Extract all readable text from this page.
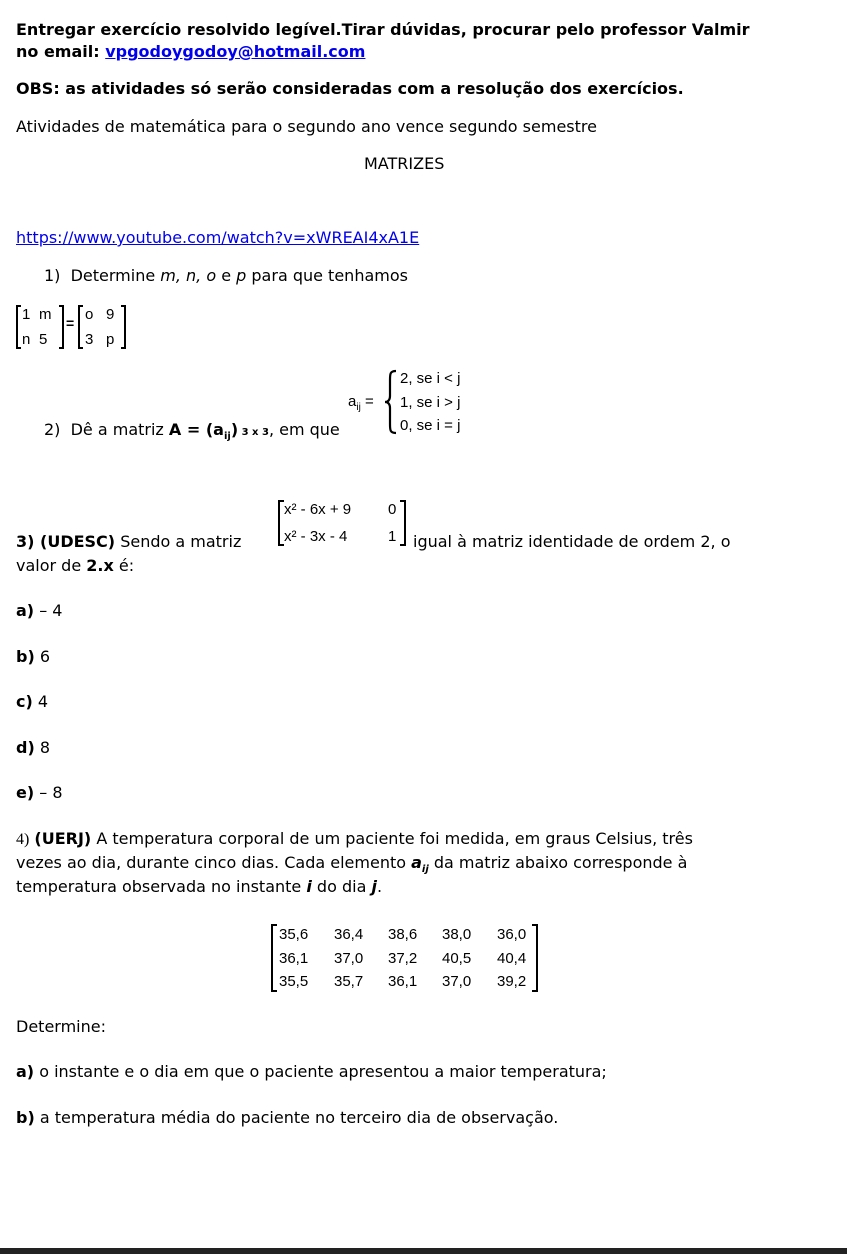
Entregar exercício resolvido legível.Tirar dúvidas, procurar pelo professor Valmir
no email: vpgodoygodoy@hotmail.com
OBS: as atividades só serão consideradas com a resolução dos exercícios.
Atividades de matemática para o segundo ano vence segundo semestre
MATRIZES
https://www.youtube.com/watch?v=xWREAI4xA1E
1) Determine m, n, o e p para que tenhamos
1 m
n 5
= o 9
3 p
2) Dê a matriz $A = (a_{ij})$ 3 x 3, em que
$a_{ij}$ =
2, se i < j
1, se i > j
0, se i = j
x² - 6x + 9	0
x² - 3x - 4	1
3) (UDESC) Sendo a matriz	igual à matriz identidade de ordem 2, o
valor de 2.x é:
a) – 4
b) 6
c) 4
d) 8
e) – 8
4) (UERJ) A temperatura corporal de um paciente foi medida, em graus Celsius, três
vezes ao dia, durante cinco dias. Cada elemento $a_{ij}$ da matriz abaixo corresponde à
temperatura observada no instante i do dia j.
35,6	36,4	38,6	38,0	36,0
36,1	37,0	37,2	40,5	40,4
35,5	35,7	36,1	37,0	39,2
Determine:
a) o instante e o dia em que o paciente apresentou a maior temperatura;
b) a temperatura média do paciente no terceiro dia de observação.
